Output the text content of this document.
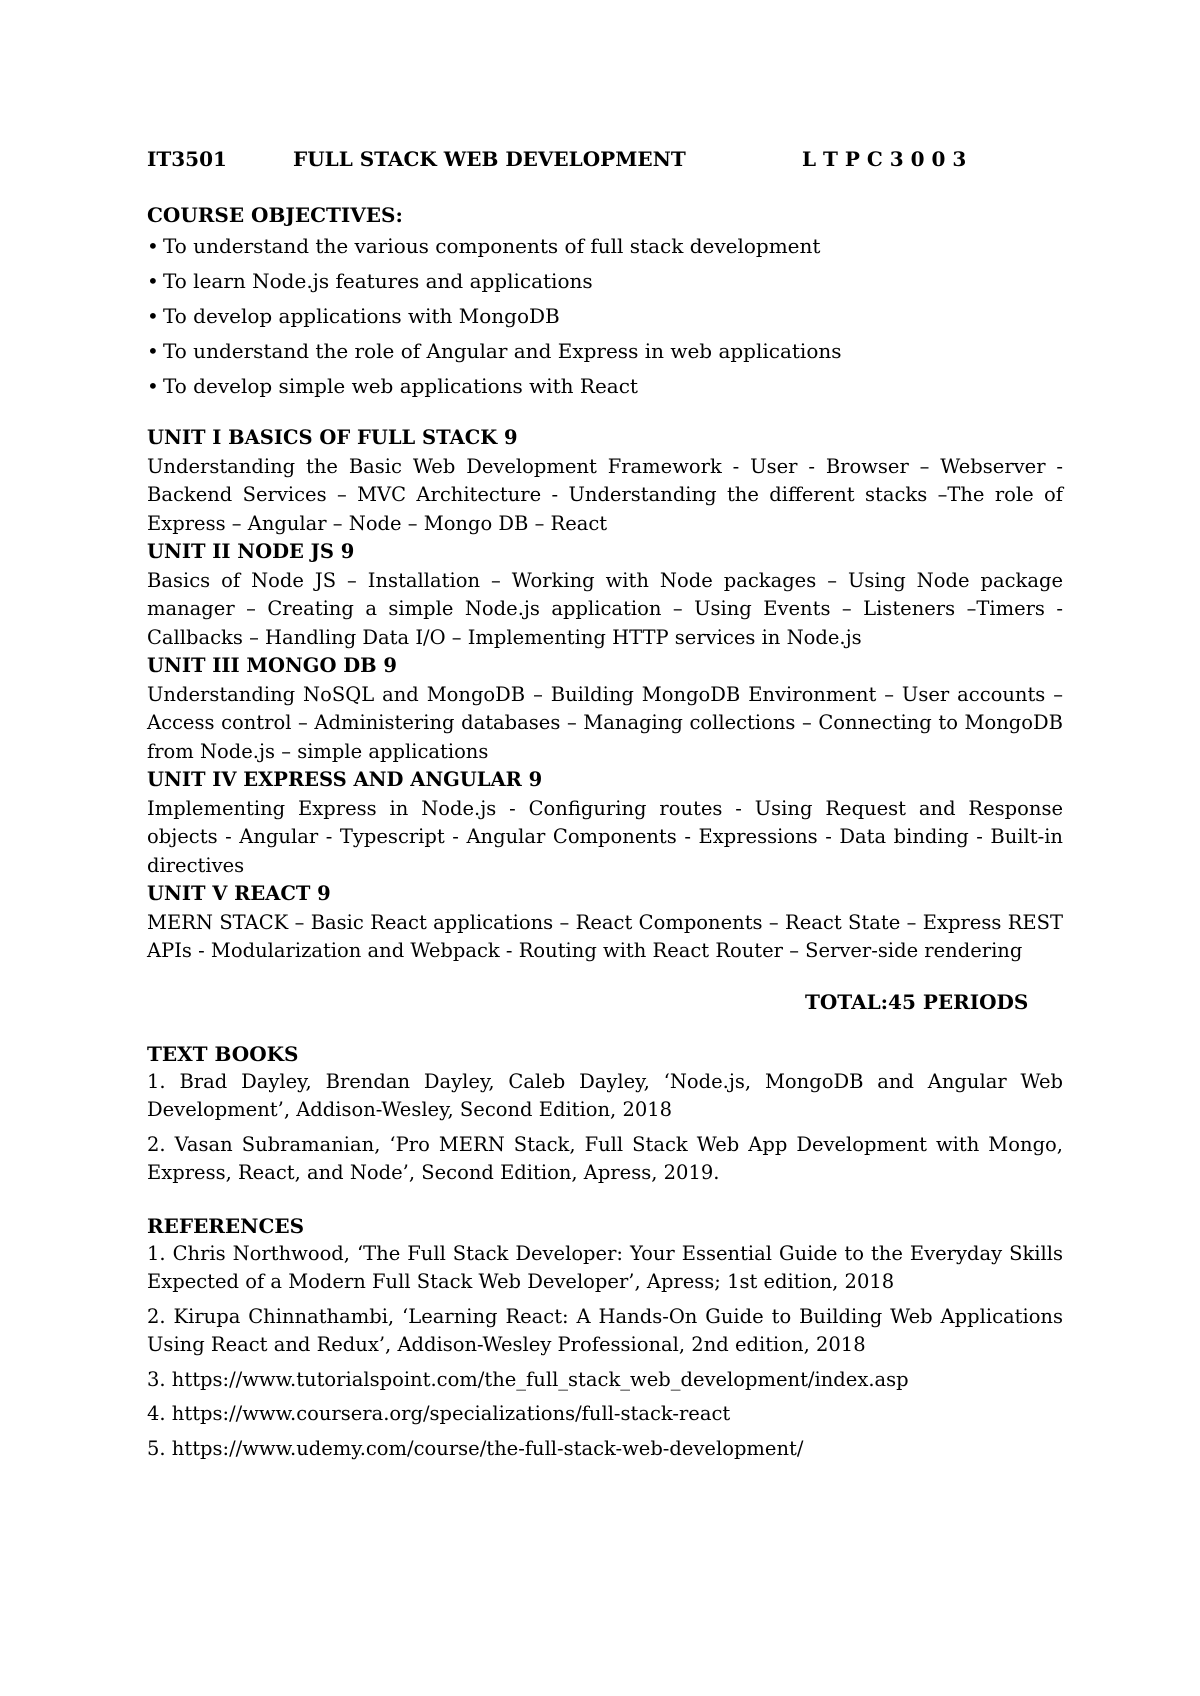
IT3501	FULL STACK WEB DEVELOPMENT	L T P C 3 0 0 3
COURSE OBJECTIVES:
• To understand the various components of full stack development
• To learn Node.js features and applications
• To develop applications with MongoDB
• To understand the role of Angular and Express in web applications
• To develop simple web applications with React
UNIT I BASICS OF FULL STACK 9
Understanding the Basic Web Development Framework - User - Browser – Webserver - Backend Services – MVC Architecture - Understanding the different stacks –The role of Express – Angular – Node – Mongo DB – React
UNIT II NODE JS 9
Basics of Node JS – Installation – Working with Node packages – Using Node package manager – Creating a simple Node.js application – Using Events – Listeners –Timers - Callbacks – Handling Data I/O – Implementing HTTP services in Node.js
UNIT III MONGO DB 9
Understanding NoSQL and MongoDB – Building MongoDB Environment – User accounts – Access control – Administering databases – Managing collections – Connecting to MongoDB from Node.js – simple applications
UNIT IV EXPRESS AND ANGULAR 9
Implementing Express in Node.js - Configuring routes - Using Request and Response objects - Angular - Typescript - Angular Components - Expressions - Data binding - Built-in directives
UNIT V REACT 9
MERN STACK – Basic React applications – React Components – React State – Express REST APIs - Modularization and Webpack - Routing with React Router – Server-side rendering
TOTAL:45 PERIODS
TEXT BOOKS
1. Brad Dayley, Brendan Dayley, Caleb Dayley, ‘Node.js, MongoDB and Angular Web Development’, Addison-Wesley, Second Edition, 2018
2. Vasan Subramanian, ‘Pro MERN Stack, Full Stack Web App Development with Mongo, Express, React, and Node’, Second Edition, Apress, 2019.
REFERENCES
1. Chris Northwood, ‘The Full Stack Developer: Your Essential Guide to the Everyday Skills Expected of a Modern Full Stack Web Developer’, Apress; 1st edition, 2018
2. Kirupa Chinnathambi, ‘Learning React: A Hands-On Guide to Building Web Applications Using React and Redux’, Addison-Wesley Professional, 2nd edition, 2018
3. https://www.tutorialspoint.com/the_full_stack_web_development/index.asp
4. https://www.coursera.org/specializations/full-stack-react
5. https://www.udemy.com/course/the-full-stack-web-development/
